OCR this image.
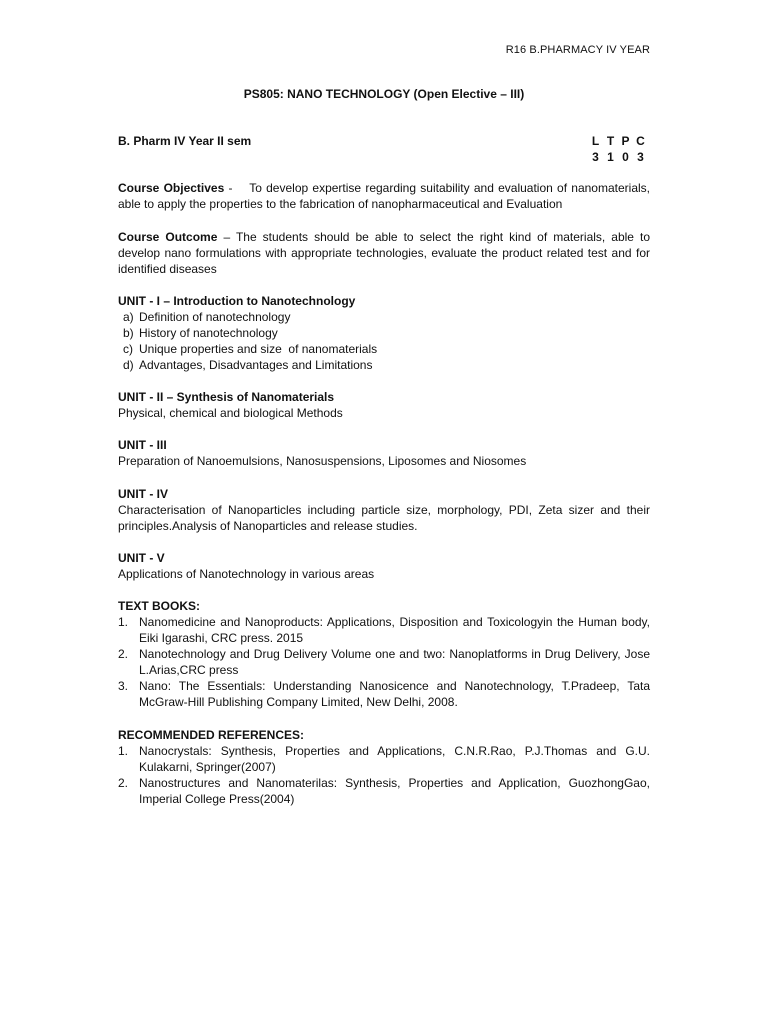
R16 B.PHARMACY IV YEAR
PS805: NANO TECHNOLOGY (Open Elective – III)
B. Pharm IV Year II sem	L	T	P	C
3	1	0	3
Course Objectives -    To develop expertise regarding suitability and evaluation of nanomaterials, able to apply the properties to the fabrication of nanopharmaceutical and Evaluation
Course Outcome – The students should be able to select the right kind of materials, able to develop nano formulations with appropriate technologies, evaluate the product related test and for identified diseases
UNIT - I – Introduction to Nanotechnology
a) Definition of nanotechnology
b) History of nanotechnology
c) Unique properties and size  of nanomaterials
d) Advantages, Disadvantages and Limitations
UNIT - II – Synthesis of Nanomaterials
Physical, chemical and biological Methods
UNIT - III
Preparation of Nanoemulsions, Nanosuspensions, Liposomes and Niosomes
UNIT - IV
Characterisation of Nanoparticles including particle size, morphology, PDI, Zeta sizer and their principles.Analysis of Nanoparticles and release studies.
UNIT - V
Applications of Nanotechnology in various areas
TEXT BOOKS:
1. Nanomedicine and Nanoproducts: Applications, Disposition and Toxicologyin the Human body, Eiki Igarashi, CRC press. 2015
2. Nanotechnology and Drug Delivery Volume one and two: Nanoplatforms in Drug Delivery, Jose L.Arias,CRC press
3. Nano: The Essentials: Understanding Nanosicence and Nanotechnology, T.Pradeep, Tata McGraw-Hill Publishing Company Limited, New Delhi, 2008.
RECOMMENDED REFERENCES:
1. Nanocrystals: Synthesis, Properties and Applications, C.N.R.Rao, P.J.Thomas and G.U. Kulakarni, Springer(2007)
2. Nanostructures and Nanomaterilas: Synthesis, Properties and Application, GuozhongGao, Imperial College Press(2004)
